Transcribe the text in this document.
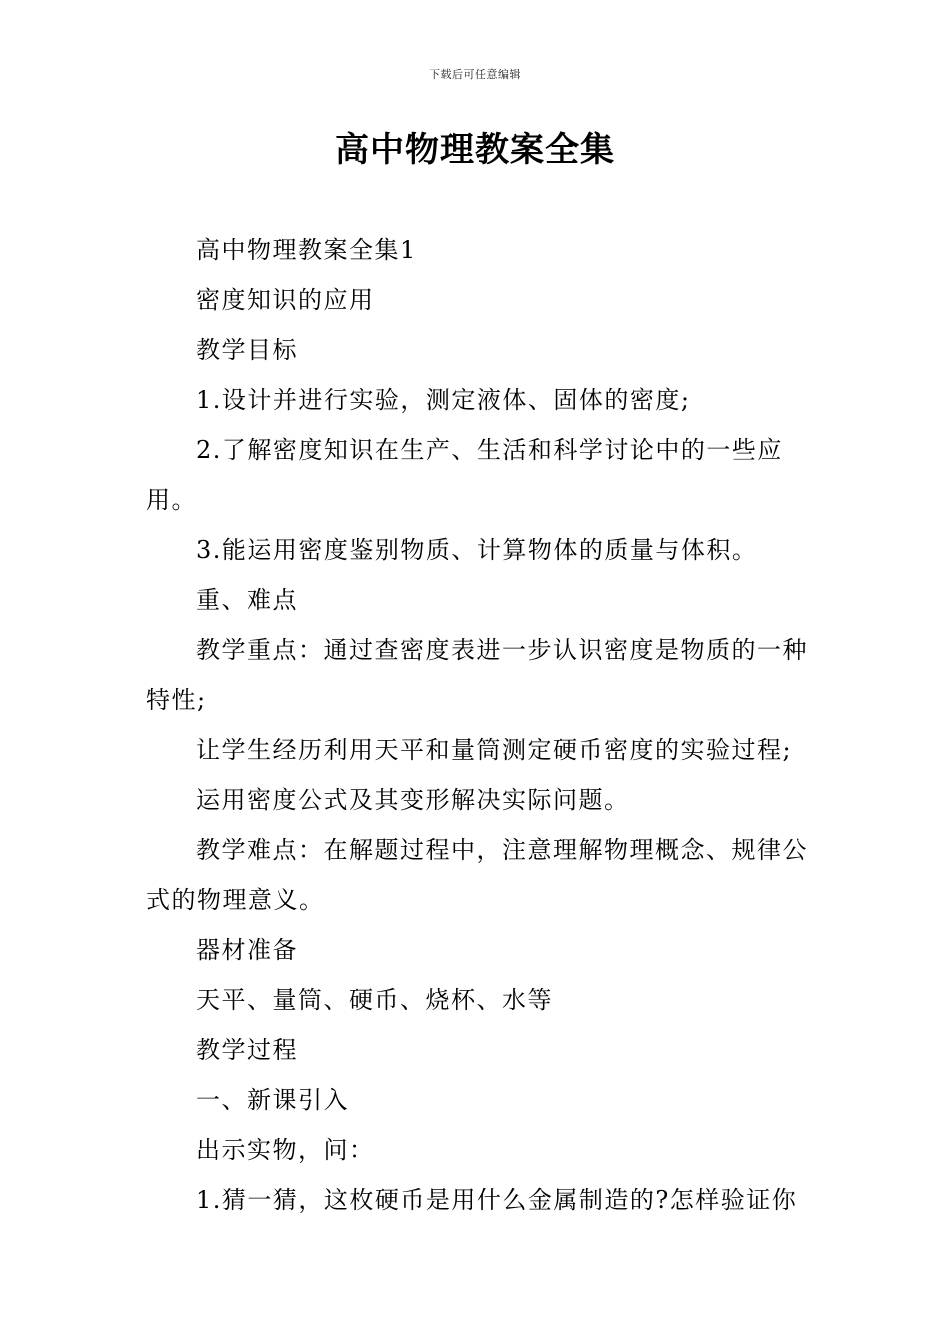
下载后可任意编辑
高中物理教案全集

高中物理教案全集1

密度知识的应用

教学目标

1.设计并进行实验，测定液体、固体的密度;

2.了解密度知识在生产、生活和科学讨论中的一些应用。

3.能运用密度鉴别物质、计算物体的质量与体积。

重、难点

教学重点：通过查密度表进一步认识密度是物质的一种特性;

让学生经历利用天平和量筒测定硬币密度的实验过程;

运用密度公式及其变形解决实际问题。

教学难点：在解题过程中，注意理解物理概念、规律公式的物理意义。

器材准备

天平、量筒、硬币、烧杯、水等

教学过程

一、新课引入

出示实物，问：

1.猜一猜，这枚硬币是用什么金属制造的?怎样验证你
